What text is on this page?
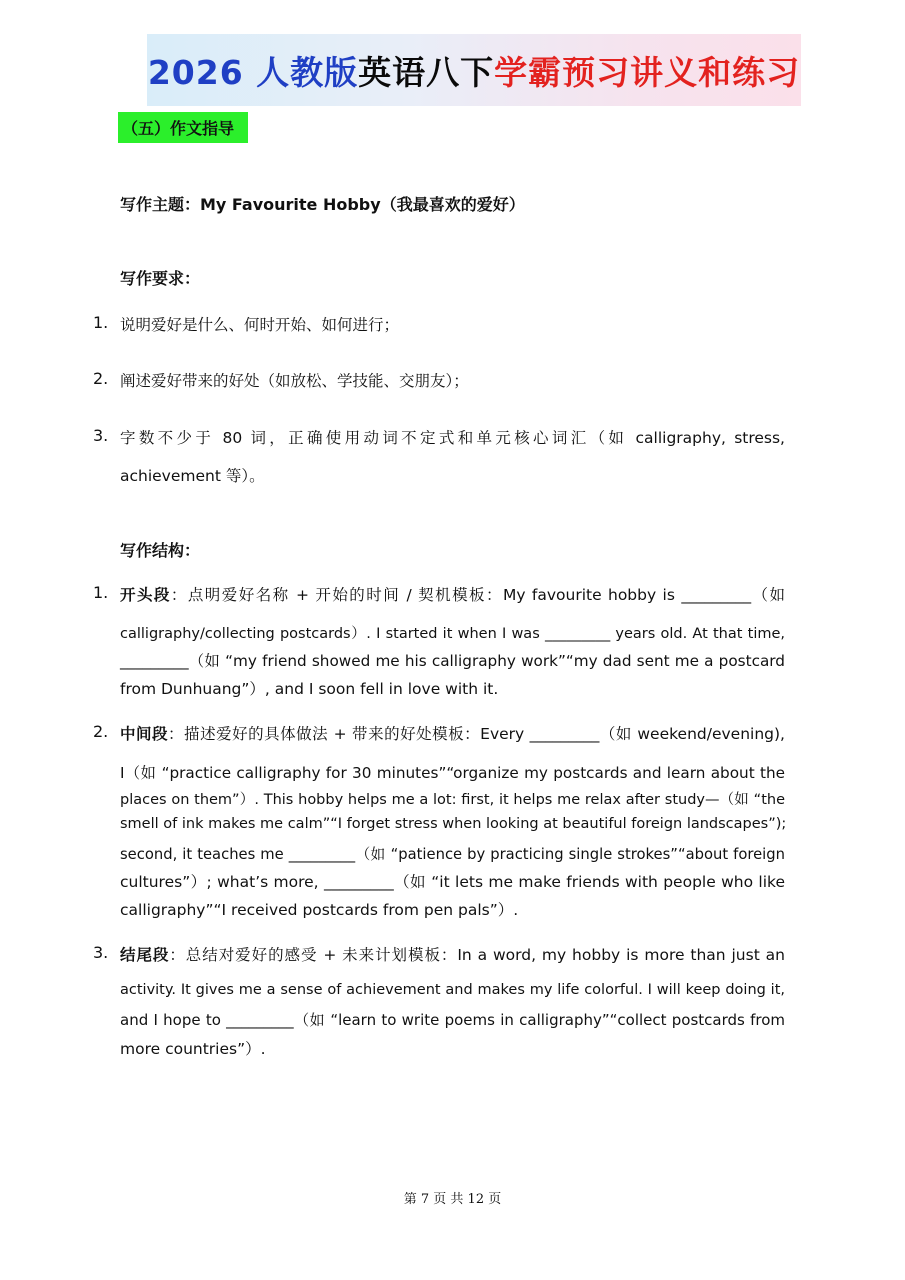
2026 人教版 英语八下 学霸预习讲义和练习
（五）作文指导
写作主题：My Favourite Hobby（我最喜欢的爱好）
写作要求：
1. 说明爱好是什么、何时开始、如何进行；
2. 阐述爱好带来的好处（如放松、学技能、交朋友）；
3. 字数不少于 80 词，正确使用动词不定式和单元核心词汇（如 calligraphy, stress,
achievement 等）。
写作结构：
1. 开头段：点明爱好名称 + 开始的时间 / 契机模板：My favourite hobby is _________（如
calligraphy/collecting postcards）. I started it when I was _________ years old. At that time,
_________（如 “my friend showed me his calligraphy work”“my dad sent me a postcard
from Dunhuang”）, and I soon fell in love with it.
2. 中间段：描述爱好的具体做法 + 带来的好处模板：Every _________（如 weekend/evening),
I（如 “practice calligraphy for 30 minutes”“organize my postcards and learn about the
places on them”）. This hobby helps me a lot: first, it helps me relax after study—（如 “the
smell of ink makes me calm”“I forget stress when looking at beautiful foreign landscapes”);
second, it teaches me _________（如 “patience by practicing single strokes”“about foreign
cultures”）; what’s more, _________（如 “it lets me make friends with people who like
calligraphy”“I received postcards from pen pals”）.
3. 结尾段：总结对爱好的感受 + 未来计划模板：In a word, my hobby is more than just an
activity. It gives me a sense of achievement and makes my life colorful. I will keep doing it,
and I hope to _________（如 “learn to write poems in calligraphy”“collect postcards from
more countries”）.
第 7 页 共 12 页
